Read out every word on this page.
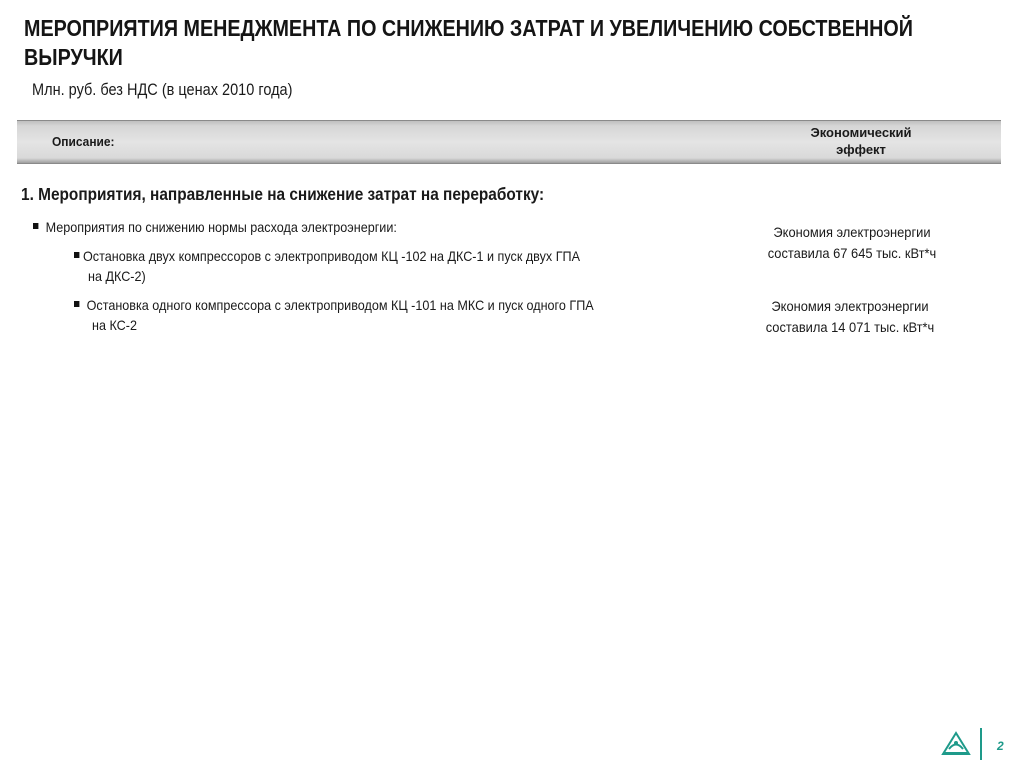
МЕРОПРИЯТИЯ МЕНЕДЖМЕНТА ПО СНИЖЕНИЮ ЗАТРАТ И УВЕЛИЧЕНИЮ СОБСТВЕННОЙ ВЫРУЧКИ
Млн. руб. без НДС (в ценах 2010 года)
Описание:
Экономический
эффект
1. Мероприятия, направленные на снижение затрат на переработку:
Мероприятия по снижению нормы расхода электроэнергии:
Остановка двух компрессоров с электроприводом КЦ -102 на ДКС-1 и пуск двух ГПА
на ДКС-2)
Остановка одного компрессора с электроприводом КЦ -101 на МКС и пуск одного ГПА
на КС-2
Экономия электроэнергии
составила 67 645 тыс. кВт*ч
Экономия электроэнергии
составила 14 071 тыс. кВт*ч
2
